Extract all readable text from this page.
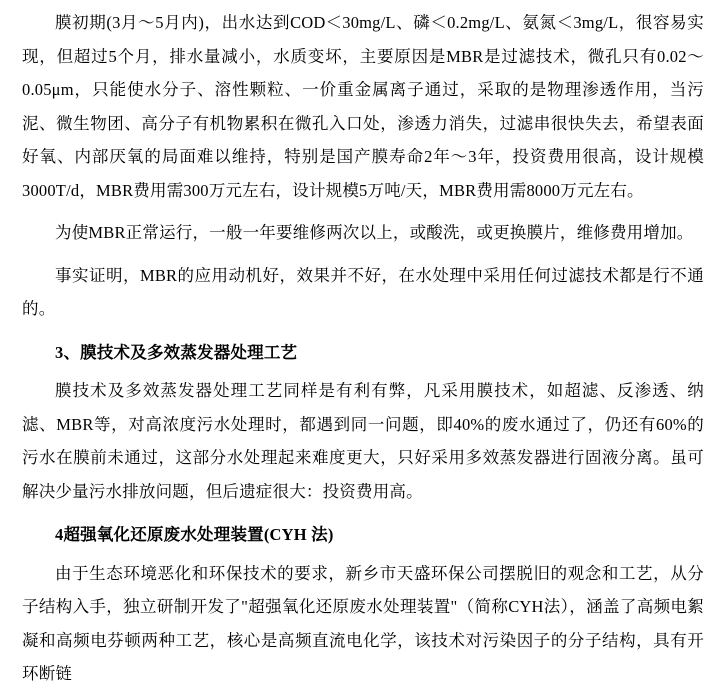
膜初期(3月～5月内)，出水达到COD＜30mg/L、磷＜0.2mg/L、氨氮＜3mg/L，很容易实现，但超过5个月，排水量减小，水质变坏，主要原因是MBR是过滤技术，微孔只有0.02～0.05μm，只能使水分子、溶性颗粒、一价重金属离子通过，采取的是物理渗透作用，当污泥、微生物团、高分子有机物累积在微孔入口处，渗透力消失，过滤串很快失去，希望表面好氧、内部厌氧的局面难以维持，特别是国产膜寿命2年～3年，投资费用很高，设计规模3000T/d，MBR费用需300万元左右，设计规模5万吨/天，MBR费用需8000万元左右。

为使MBR正常运行，一般一年要维修两次以上，或酸洗，或更换膜片，维修费用增加。

事实证明，MBR的应用动机好，效果并不好，在水处理中采用任何过滤技术都是行不通的。

3、膜技术及多效蒸发器处理工艺

膜技术及多效蒸发器处理工艺同样是有利有弊，凡采用膜技术，如超滤、反渗透、纳滤、MBR等，对高浓度污水处理时，都遇到同一问题，即40%的废水通过了，仍还有60%的污水在膜前未通过，这部分水处理起来难度更大，只好采用多效蒸发器进行固液分离。虽可解决少量污水排放问题，但后遗症很大：投资费用高。

4超强氧化还原废水处理装置(CYH 法)

由于生态环境恶化和环保技术的要求，新乡市天盛环保公司摆脱旧的观念和工艺，从分子结构入手，独立研制开发了"超强氧化还原废水处理装置"（简称CYH法），涵盖了高频电絮凝和高频电芬顿两种工艺，核心是高频直流电化学，该技术对污染因子的分子结构，具有开环断链
